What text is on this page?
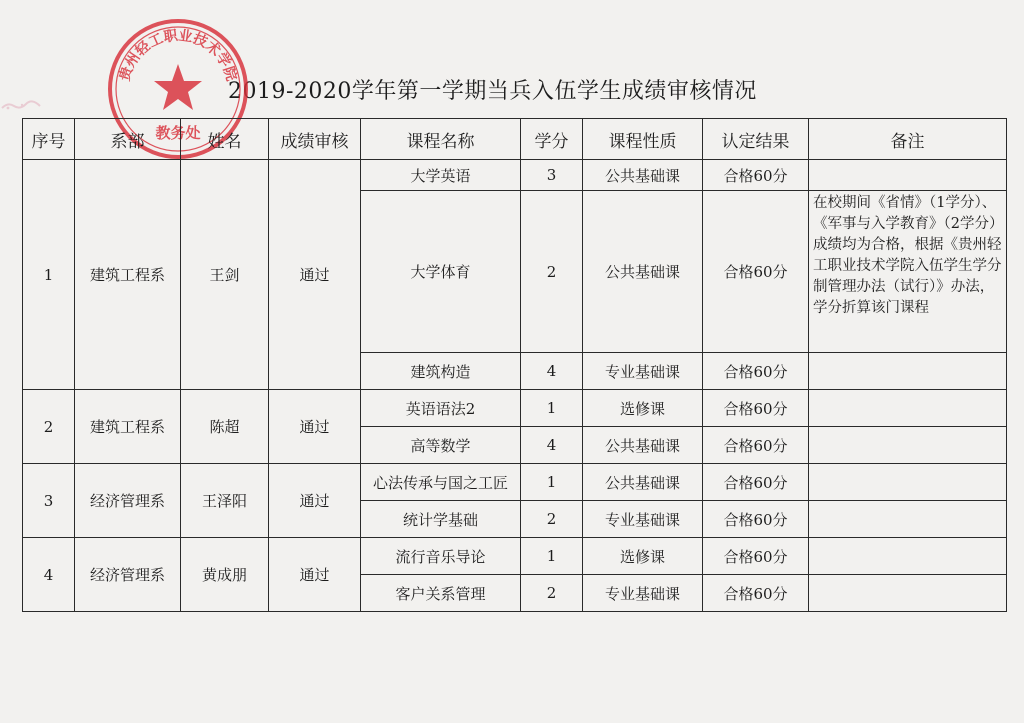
2019-2020学年第一学期当兵入伍学生成绩审核情况
贵州轻工职业技术学院
教务处
序号	系部	姓名	成绩审核	课程名称	学分	课程性质	认定结果	备注
1	建筑工程系	王剑	通过	大学英语	3	公共基础课	合格60分	
				大学体育	2	公共基础课	合格60分	在校期间《省情》（1学分）、《军事与入学教育》（2学分）成绩均为合格，根据《贵州轻工职业技术学院入伍学生学分制管理办法（试行）》办法，学分折算该门课程
				建筑构造	4	专业基础课	合格60分	
2	建筑工程系	陈超	通过	英语语法2	1	选修课	合格60分	
				高等数学	4	公共基础课	合格60分	
3	经济管理系	王泽阳	通过	心法传承与国之工匠	1	公共基础课	合格60分	
				统计学基础	2	专业基础课	合格60分	
4	经济管理系	黄成朋	通过	流行音乐导论	1	选修课	合格60分	
				客户关系管理	2	专业基础课	合格60分	
